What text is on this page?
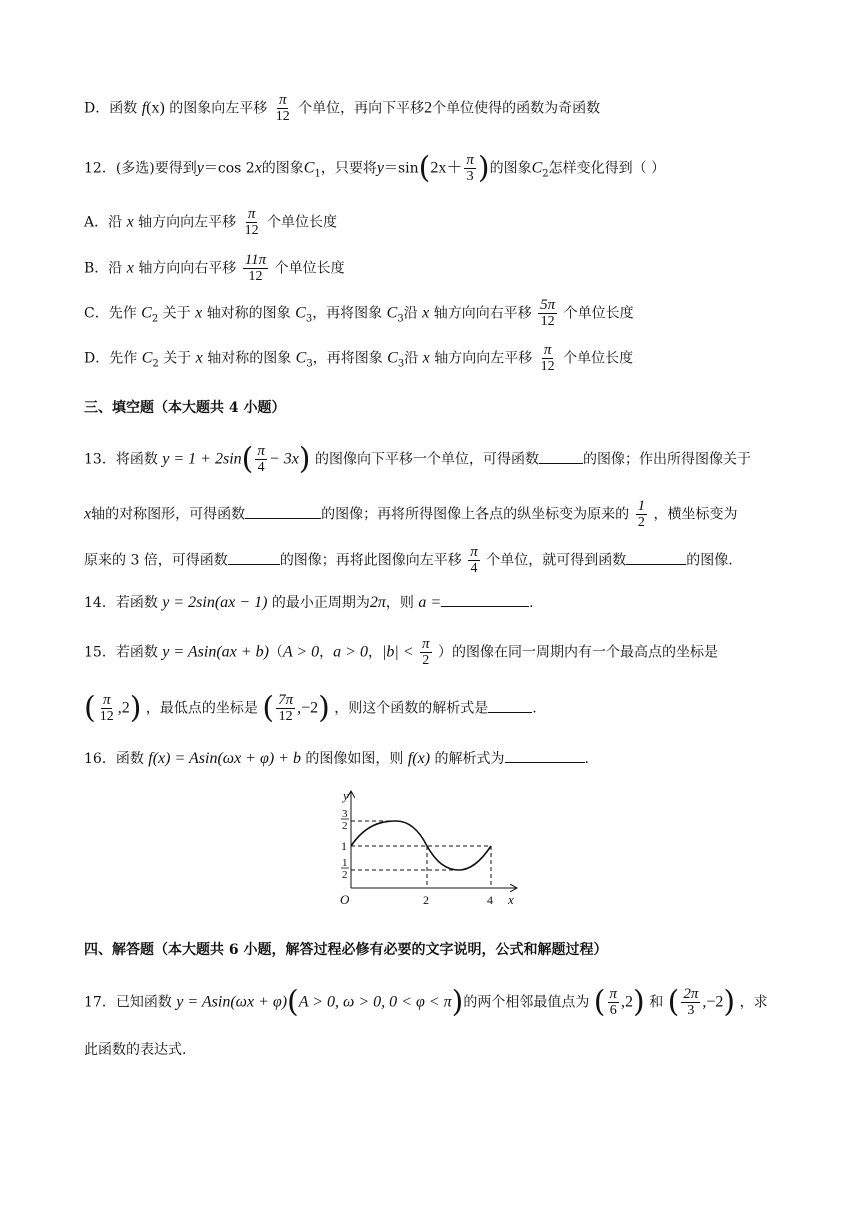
D．函数 f(x) 的图象向左平移 $\frac{\pi}{12}$ 个单位，再向下平移2个单位使得的函数为奇函数
12．(多选)要得到y＝cos 2x的图象$C_1$，只要将$y=\sin(2x+ \frac{\pi}{3}$ )的图象$C_2$怎样变化得到（ ）
A．沿 x 轴方向向左平移 $\frac{\pi}{12}$ 个单位长度
B．沿 x 轴方向向右平移 $\frac{11\pi}{12}$ 个单位长度
C．先作 $C_2$ 关于 x 轴对称的图象 $C_3$，再将图象 $C_3$沿 x 轴方向向右平移 $\frac{5\pi}{12}$ 个单位长度
D．先作 $C_2$ 关于 x 轴对称的图象 $C_3$，再将图象 $C_3$沿 x 轴方向向左平移 $\frac{\pi}{12}$ 个单位长度
三、填空题（本大题共 4 小题）
13．将函数 $y = 1 + 2\sin( \frac{\pi}{4} - 3x)$ 的图像向下平移一个单位，可得函数	的图像；作出所得图像关于
x轴的对称图形，可得函数	的图像；再将所得图像上各点的纵坐标变为原来的 $\frac{1}{2}$ ，横坐标变为
原来的 3 倍，可得函数	的图像；再将此图像向左平移 $\frac{\pi}{4}$ 个单位，就可得到函数	的图像.
14．若函数 y = 2sin(ax − 1) 的最小正周期为2π，则 a =	.
15．若函数 y = Asin(ax + b)（A > 0，a > 0，$|b| < \frac{\pi}{2}$ ）的图像在同一周期内有一个最高点的坐标是
( $\frac{\pi}{12} ,2$) ，最低点的坐标是 ( $\frac{7\pi}{12} ,-2$) ，则这个函数的解析式是	.
16．函数 f(x) = Asin(ωx + φ) + b 的图像如图，则 f(x) 的解析式为	.
y
x
O
3
2
1
1
2
2	4
四、解答题（本大题共 6 小题，解答过程必修有必要的文字说明，公式和解题过程）
17．已知函数 y = Asin(ωx + φ)(A > 0, ω > 0, 0 < φ < π)的两个相邻最值点为 ( $\frac{\pi}{6} ,2$) 和 ( $\frac{2\pi}{3} ,-2$) ，求
此函数的表达式.
